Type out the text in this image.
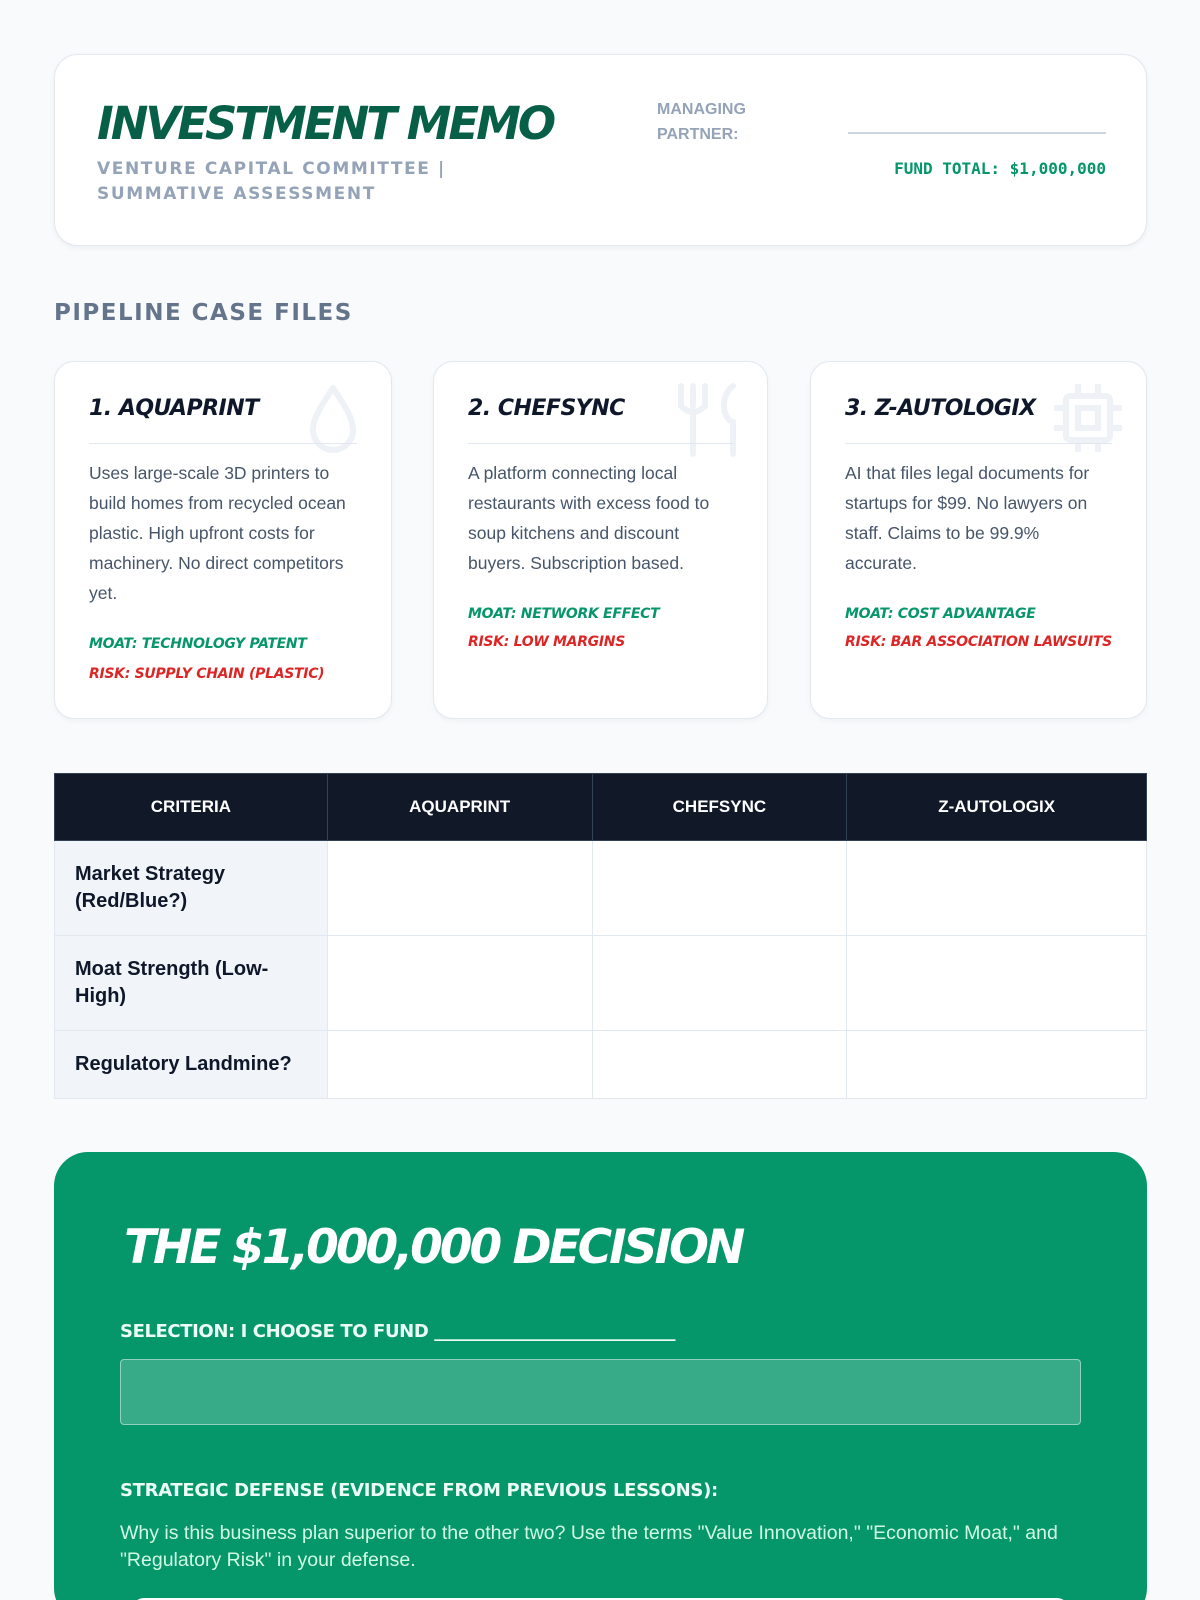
INVESTMENT MEMO
VENTURE CAPITAL COMMITTEE | SUMMATIVE ASSESSMENT
MANAGING PARTNER:
FUND TOTAL: $1,000,000
PIPELINE CASE FILES
1. AQUAPRINT
Uses large-scale 3D printers to build homes from recycled ocean plastic. High upfront costs for machinery. No direct competitors yet.
MOAT: TECHNOLOGY PATENT
RISK: SUPPLY CHAIN (PLASTIC)
2. CHEFSYNC
A platform connecting local restaurants with excess food to soup kitchens and discount buyers. Subscription based.
MOAT: NETWORK EFFECT
RISK: LOW MARGINS
3. Z-AUTOLOGIX
AI that files legal documents for startups for $99. No lawyers on staff. Claims to be 99.9% accurate.
MOAT: COST ADVANTAGE
RISK: BAR ASSOCIATION LAWSUITS
CRITERIA	AQUAPRINT	CHEFSYNC	Z-AUTOLOGIX
Market Strategy (Red/Blue?)			
Moat Strength (Low-High)			
Regulatory Landmine?			
THE $1,000,000 DECISION
SELECTION: I CHOOSE TO FUND ____________________________
STRATEGIC DEFENSE (EVIDENCE FROM PREVIOUS LESSONS):
Why is this business plan superior to the other two? Use the terms "Value Innovation," "Economic Moat," and "Regulatory Risk" in your defense.
